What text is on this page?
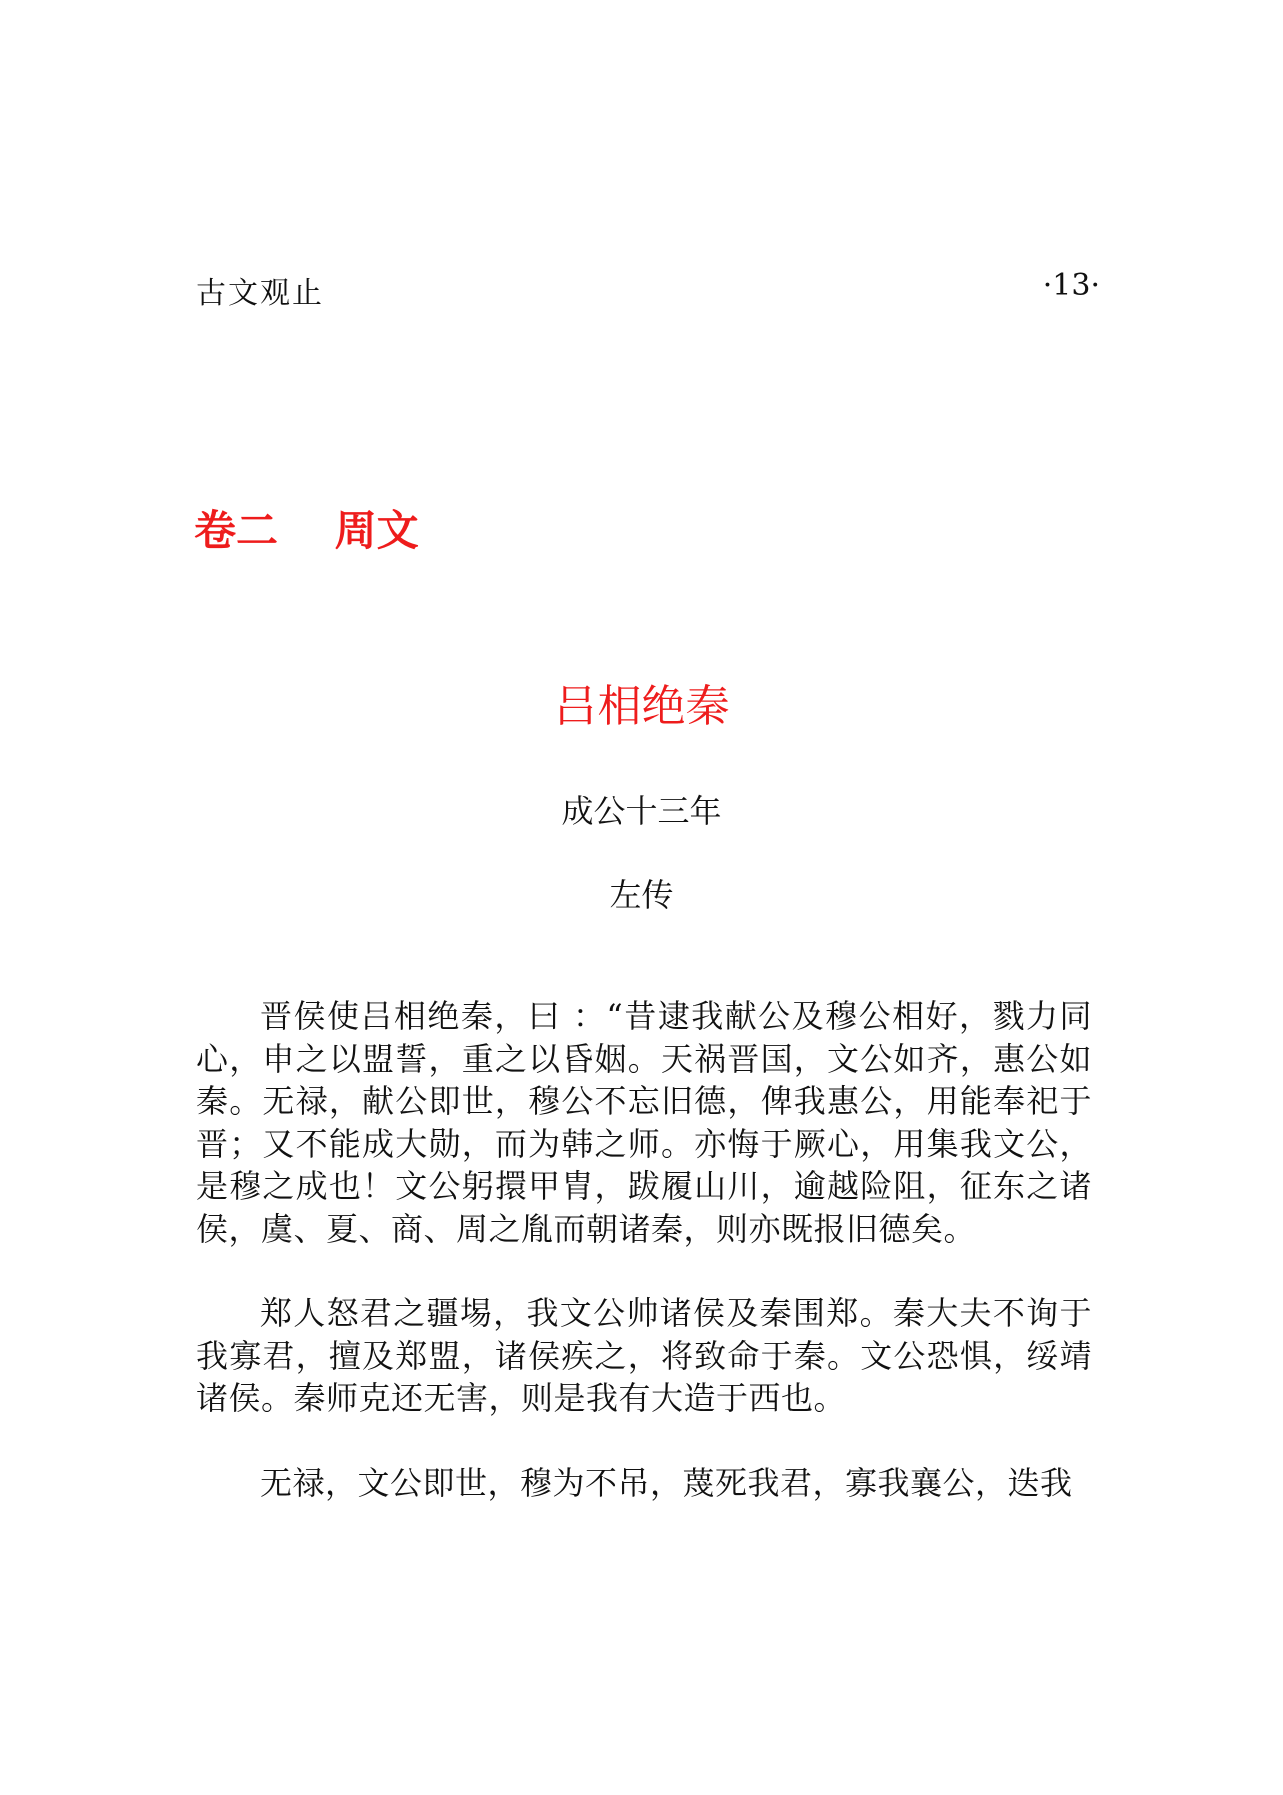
古文观止	·13·
卷二　 周文
吕相绝秦
成公十三年
左传

晋侯使吕相绝秦，曰 ：“昔逮我献公及穆公相好，戮力同心，申之以盟誓，重之以昏姻。天祸晋国，文公如齐，惠公如秦。无禄，献公即世，穆公不忘旧德，俾我惠公，用能奉祀于晋；又不能成大勋，而为韩之师。亦悔于厥心，用集我文公，是穆之成也！文公躬擐甲胄，跋履山川，逾越险阻，征东之诸侯，虞、夏、商、周之胤而朝诸秦，则亦既报旧德矣。

郑人怒君之疆埸，我文公帅诸侯及秦围郑。秦大夫不询于我寡君，擅及郑盟，诸侯疾之，将致命于秦。文公恐惧，绥靖诸侯。秦师克还无害，则是我有大造于西也。

无禄，文公即世，穆为不吊，蔑死我君，寡我襄公，迭我
